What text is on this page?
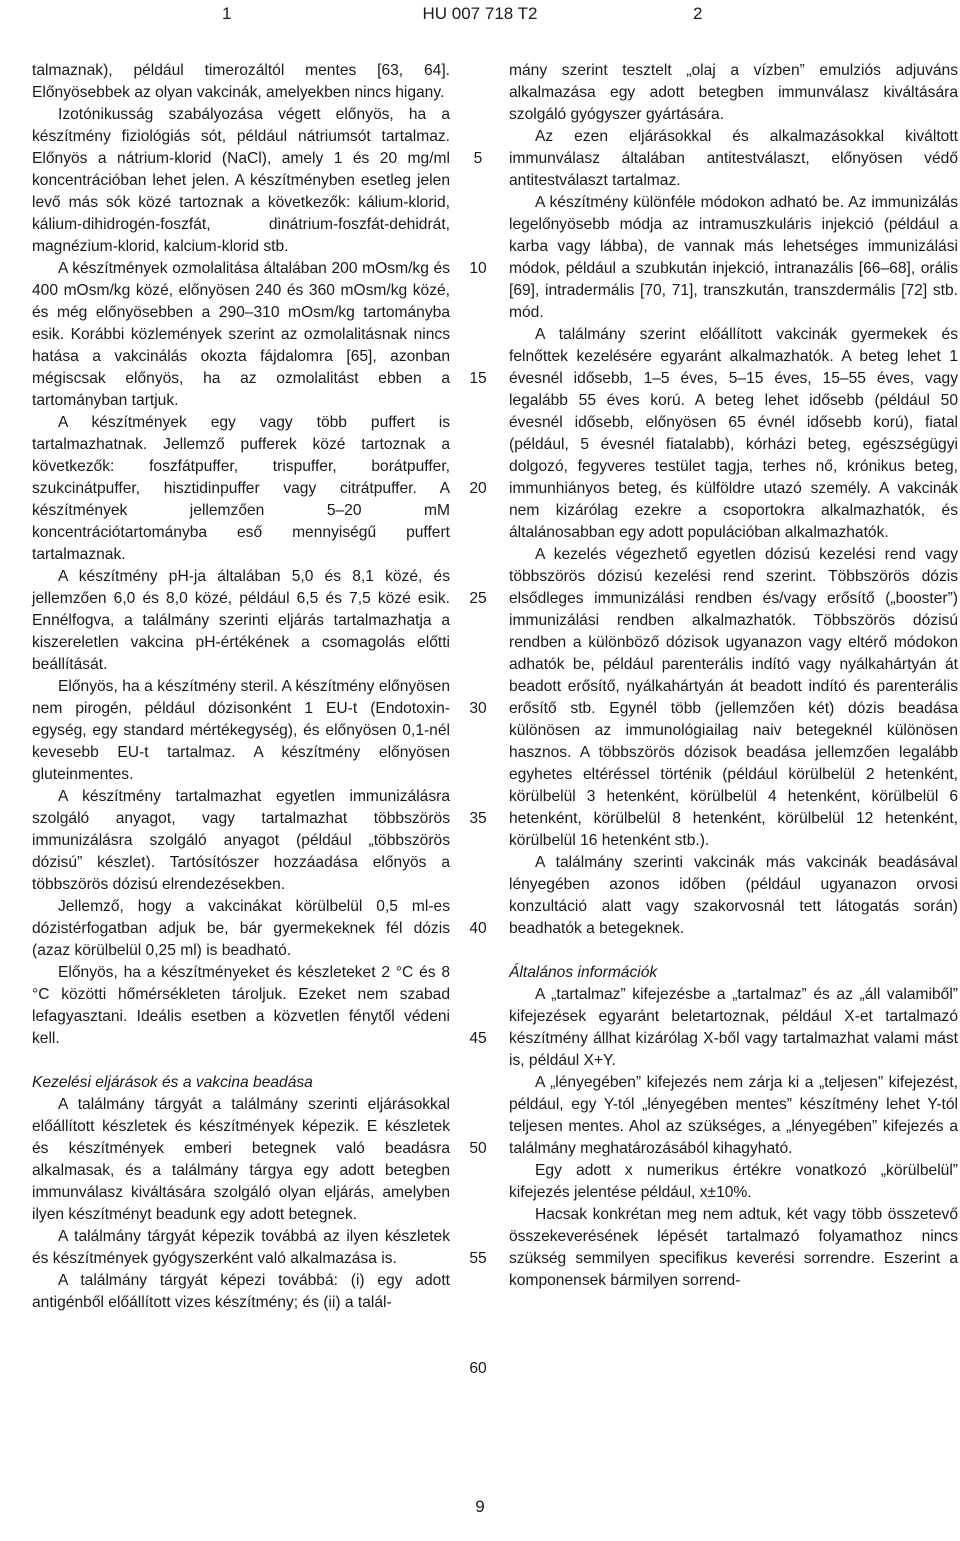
1	HU 007 718 T2	2

talmaznak), például timerozáltól mentes [63, 64]. Előnyösebbek az olyan vakcinák, amelyekben nincs higany.

Izotónikusság szabályozása végett előnyös, ha a készítmény fiziológiás sót, például nátriumsót tartalmaz. Előnyös a nátrium-klorid (NaCl), amely 1 és 20 mg/ml koncentrációban lehet jelen. A készítményben esetleg jelen levő más sók közé tartoznak a következők: kálium-klorid, kálium-dihidrogén-foszfát, dinátrium-foszfát-dehidrát, magnézium-klorid, kalcium-klorid stb.

A készítmények ozmolalitása általában 200 mOsm/kg és 400 mOsm/kg közé, előnyösen 240 és 360 mOsm/kg közé, és még előnyösebben a 290–310 mOsm/kg tartományba esik. Korábbi közlemények szerint az ozmolalitásnak nincs hatása a vakcinálás okozta fájdalomra [65], azonban mégiscsak előnyös, ha az ozmolalitást ebben a tartományban tartjuk.

A készítmények egy vagy több puffert is tartalmazhatnak. Jellemző pufferek közé tartoznak a következők: foszfátpuffer, trispuffer, borátpuffer, szukcinátpuffer, hisztidinpuffer vagy citrátpuffer. A készítmények jellemzően 5–20 mM koncentrációtartományba eső mennyiségű puffert tartalmaznak.

A készítmény pH-ja általában 5,0 és 8,1 közé, és jellemzően 6,0 és 8,0 közé, például 6,5 és 7,5 közé esik. Ennélfogva, a találmány szerinti eljárás tartalmazhatja a kiszereletlen vakcina pH-értékének a csomagolás előtti beállítását.

Előnyös, ha a készítmény steril. A készítmény előnyösen nem pirogén, például dózisonként 1 EU-t (Endotoxin-egység, egy standard mértékegység), és előnyösen 0,1-nél kevesebb EU-t tartalmaz. A készítmény előnyösen gluteinmentes.

A készítmény tartalmazhat egyetlen immunizálásra szolgáló anyagot, vagy tartalmazhat többszörös immunizálásra szolgáló anyagot (például „többszörös dózisú” készlet). Tartósítószer hozzáadása előnyös a többszörös dózisú elrendezésekben.

Jellemző, hogy a vakcinákat körülbelül 0,5 ml-es dózistérfogatban adjuk be, bár gyermekeknek fél dózis (azaz körülbelül 0,25 ml) is beadható.

Előnyös, ha a készítményeket és készleteket 2 °C és 8 °C közötti hőmérsékleten tároljuk. Ezeket nem szabad lefagyasztani. Ideális esetben a közvetlen fénytől védeni kell.

Kezelési eljárások és a vakcina beadása

A találmány tárgyát a találmány szerinti eljárásokkal előállított készletek és készítmények képezik. E készletek és készítmények emberi betegnek való beadásra alkalmasak, és a találmány tárgya egy adott betegben immunválasz kiváltására szolgáló olyan eljárás, amelyben ilyen készítményt beadunk egy adott betegnek.

A találmány tárgyát képezik továbbá az ilyen készletek és készítmények gyógyszerként való alkalmazása is.

A találmány tárgyát képezi továbbá: (i) egy adott antigénből előállított vizes készítmény; és (ii) a talál-

5
10
15
20
25
30
35
40
45
50
55
60

mány szerint tesztelt „olaj a vízben” emulziós adjuváns alkalmazása egy adott betegben immunválasz kiváltására szolgáló gyógyszer gyártására.

Az ezen eljárásokkal és alkalmazásokkal kiváltott immunválasz általában antitestválaszt, előnyösen védő antitestválaszt tartalmaz.

A készítmény különféle módokon adható be. Az immunizálás legelőnyösebb módja az intramuszkuláris injekció (például a karba vagy lábba), de vannak más lehetséges immunizálási módok, például a szubkután injekció, intranazális [66–68], orális [69], intradermális [70, 71], transzkután, transzdermális [72] stb. mód.

A találmány szerint előállított vakcinák gyermekek és felnőttek kezelésére egyaránt alkalmazhatók. A beteg lehet 1 évesnél idősebb, 1–5 éves, 5–15 éves, 15–55 éves, vagy legalább 55 éves korú. A beteg lehet idősebb (például 50 évesnél idősebb, előnyösen 65 évnél idősebb korú), fiatal (például, 5 évesnél fiatalabb), kórházi beteg, egészségügyi dolgozó, fegyveres testület tagja, terhes nő, krónikus beteg, immunhiányos beteg, és külföldre utazó személy. A vakcinák nem kizárólag ezekre a csoportokra alkalmazhatók, és általánosabban egy adott populációban alkalmazhatók.

A kezelés végezhető egyetlen dózisú kezelési rend vagy többszörös dózisú kezelési rend szerint. Többszörös dózis elsődleges immunizálási rendben és/vagy erősítő („booster”) immunizálási rendben alkalmazhatók. Többszörös dózisú rendben a különböző dózisok ugyanazon vagy eltérő módokon adhatók be, például parenterális indító vagy nyálkahártyán át beadott erősítő, nyálkahártyán át beadott indító és parenterális erősítő stb. Egynél több (jellemzően két) dózis beadása különösen az immunológiailag naiv betegeknél különösen hasznos. A többszörös dózisok beadása jellemzően legalább egyhetes eltéréssel történik (például körülbelül 2 hetenként, körülbelül 3 hetenként, körülbelül 4 hetenként, körülbelül 6 hetenként, körülbelül 8 hetenként, körülbelül 12 hetenként, körülbelül 16 hetenként stb.).

A találmány szerinti vakcinák más vakcinák beadásával lényegében azonos időben (például ugyanazon orvosi konzultáció alatt vagy szakorvosnál tett látogatás során) beadhatók a betegeknek.

Általános információk

A „tartalmaz” kifejezésbe a „tartalmaz” és az „áll valamiből” kifejezések egyaránt beletartoznak, például X-et tartalmazó készítmény állhat kizárólag X-ből vagy tartalmazhat valami mást is, például X+Y.

A „lényegében” kifejezés nem zárja ki a „teljesen” kifejezést, például, egy Y-tól „lényegében mentes” készítmény lehet Y-tól teljesen mentes. Ahol az szükséges, a „lényegében” kifejezés a találmány meghatározásából kihagyható.

Egy adott x numerikus értékre vonatkozó „körülbelül” kifejezés jelentése például, x±10%.

Hacsak konkrétan meg nem adtuk, két vagy több összetevő összekeverésének lépését tartalmazó folyamathoz nincs szükség semmilyen specifikus keverési sorrendre. Eszerint a komponensek bármilyen sorrend-

9
